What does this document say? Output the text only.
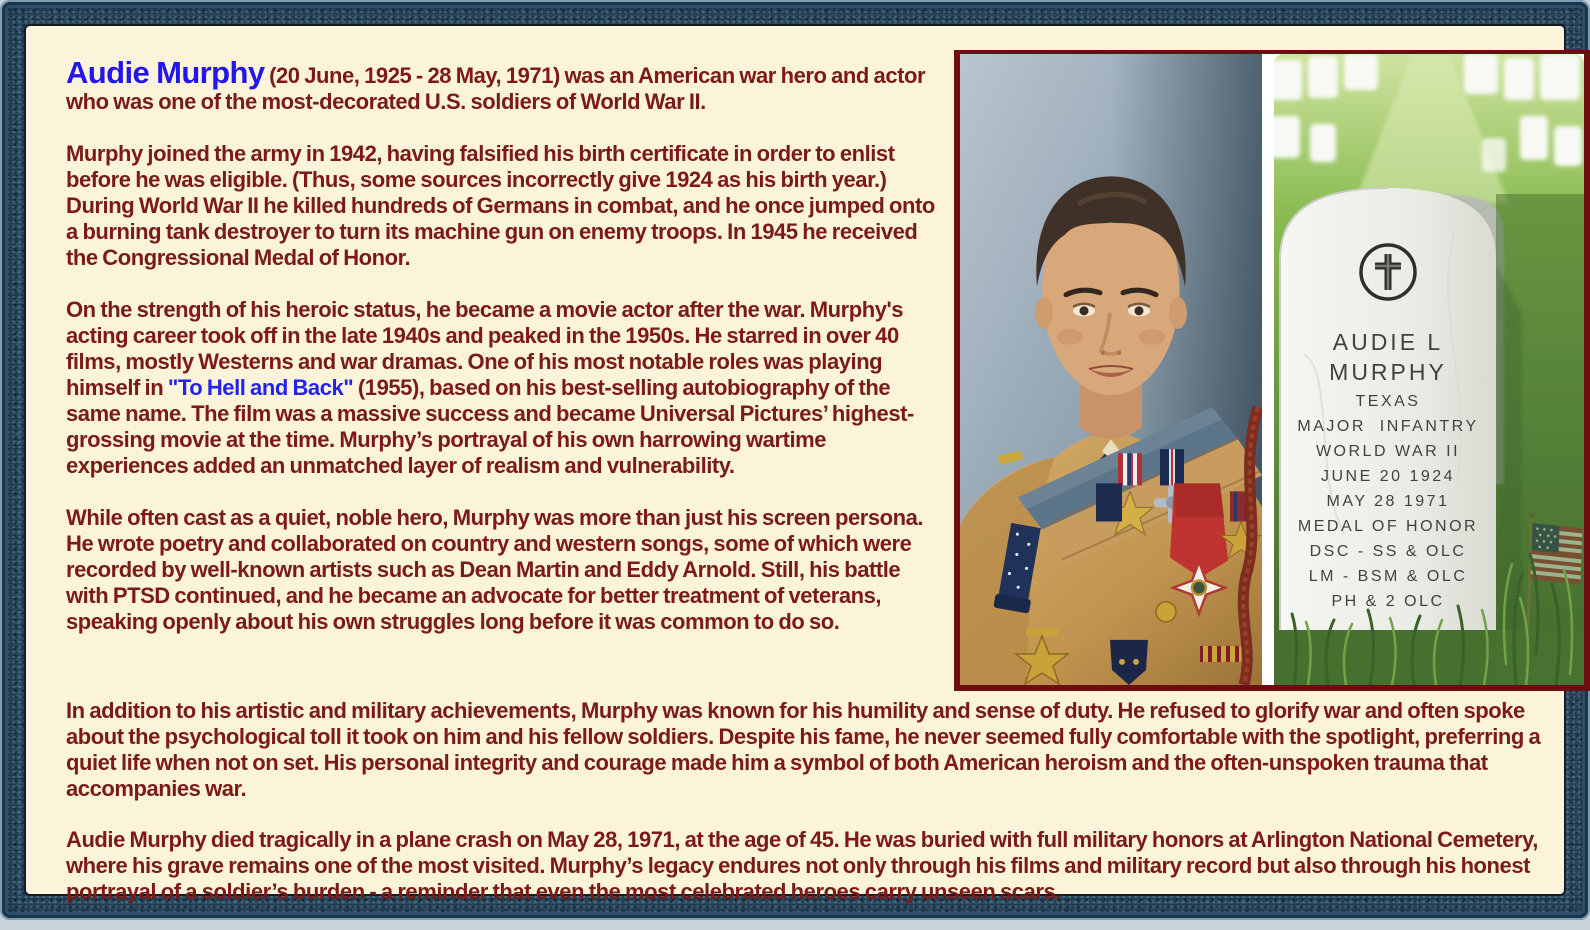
Audie Murphy (20 June, 1925 - 28 May, 1971) was an American war hero and actor who was one of the most-decorated U.S. soldiers of World War II.

Murphy joined the army in 1942, having falsified his birth certificate in order to enlist before he was eligible. (Thus, some sources incorrectly give 1924 as his birth year.) During World War II he killed hundreds of Germans in combat, and he once jumped onto a burning tank destroyer to turn its machine gun on enemy troops. In 1945 he received the Congressional Medal of Honor.

On the strength of his heroic status, he became a movie actor after the war. Murphy's acting career took off in the late 1940s and peaked in the 1950s. He starred in over 40 films, mostly Westerns and war dramas. One of his most notable roles was playing himself in "To Hell and Back" (1955), based on his best-selling autobiography of the same name. The film was a massive success and became Universal Pictures’ highest-grossing movie at the time. Murphy’s portrayal of his own harrowing wartime experiences added an unmatched layer of realism and vulnerability.

While often cast as a quiet, noble hero, Murphy was more than just his screen persona. He wrote poetry and collaborated on country and western songs, some of which were recorded by well-known artists such as Dean Martin and Eddy Arnold. Still, his battle with PTSD continued, and he became an advocate for better treatment of veterans, speaking openly about his own struggles long before it was common to do so.

In addition to his artistic and military achievements, Murphy was known for his humility and sense of duty. He refused to glorify war and often spoke about the psychological toll it took on him and his fellow soldiers. Despite his fame, he never seemed fully comfortable with the spotlight, preferring a quiet life when not on set. His personal integrity and courage made him a symbol of both American heroism and the often-unspoken trauma that accompanies war.

Audie Murphy died tragically in a plane crash on May 28, 1971, at the age of 45. He was buried with full military honors at Arlington National Cemetery, where his grave remains one of the most visited. Murphy’s legacy endures not only through his films and military record but also through his honest portrayal of a soldier’s burden - a reminder that even the most celebrated heroes carry unseen scars.

AUDIE L
MURPHY
TEXAS
MAJOR  INFANTRY
WORLD WAR II
JUNE 20 1924
MAY 28 1971
MEDAL OF HONOR
DSC - SS & OLC
LM - BSM & OLC
PH & 2 OLC
